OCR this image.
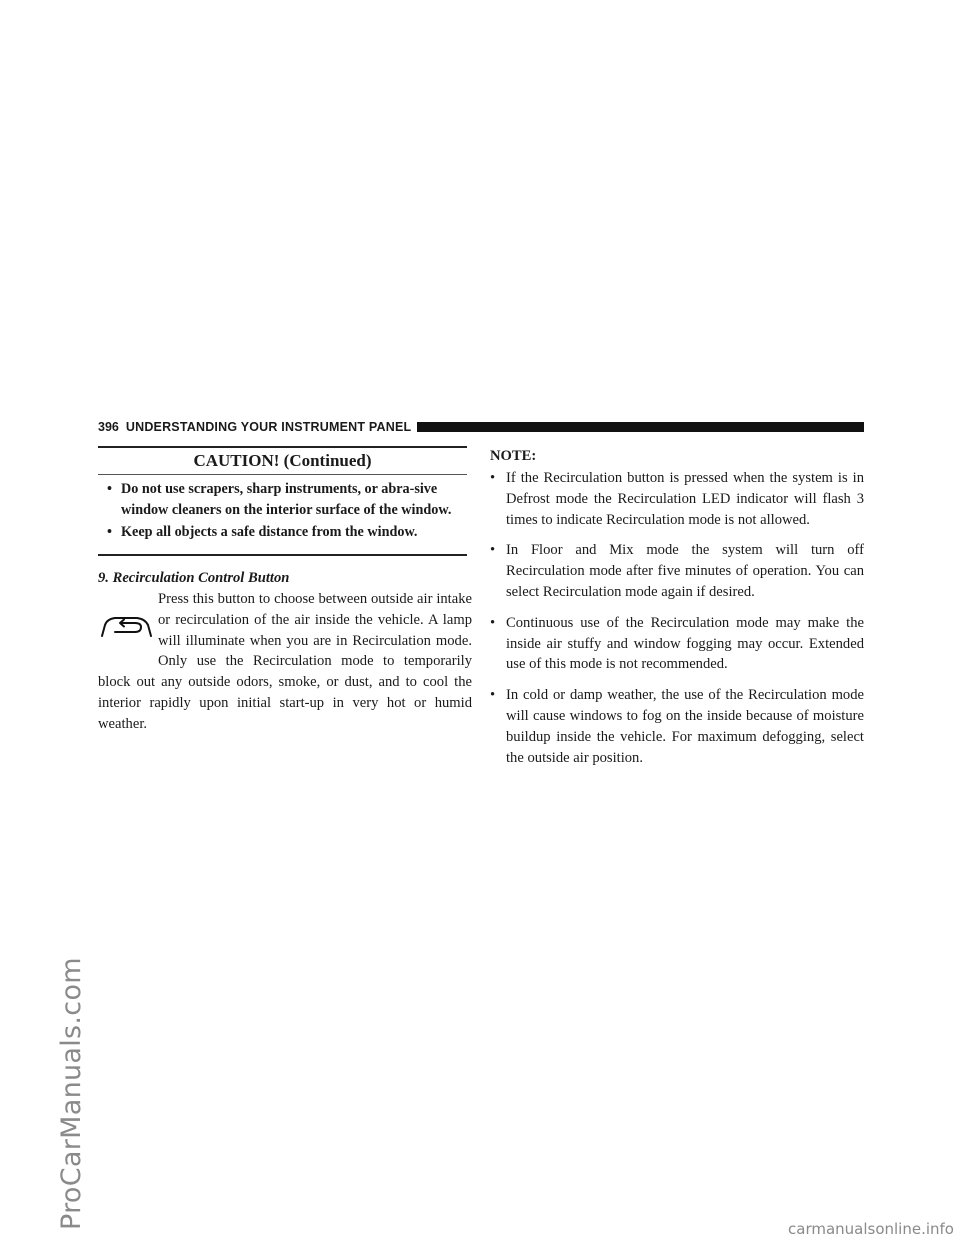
ProCarManuals.com	carmanualsonline.info
396 UNDERSTANDING YOUR INSTRUMENT PANEL
CAUTION! (Continued)
• Do not use scrapers, sharp instruments, or abra-sive window cleaners on the interior surface of the window.
• Keep all objects a safe distance from the window.

9. Recirculation Control Button

Press this button to choose between outside air intake or recirculation of the air inside the vehicle. A lamp will illuminate when you are in Recirculation mode. Only use the Recirculation mode to temporarily block out any outside odors, smoke, or dust, and to cool the interior rapidly upon initial start-up in very hot or humid weather.

NOTE:

• If the Recirculation button is pressed when the system is in Defrost mode the Recirculation LED indicator will flash 3 times to indicate Recirculation mode is not allowed.
• In Floor and Mix mode the system will turn off Recirculation mode after five minutes of operation. You can select Recirculation mode again if desired.
• Continuous use of the Recirculation mode may make the inside air stuffy and window fogging may occur. Extended use of this mode is not recommended.
• In cold or damp weather, the use of the Recirculation mode will cause windows to fog on the inside because of moisture buildup inside the vehicle. For maximum defogging, select the outside air position.
